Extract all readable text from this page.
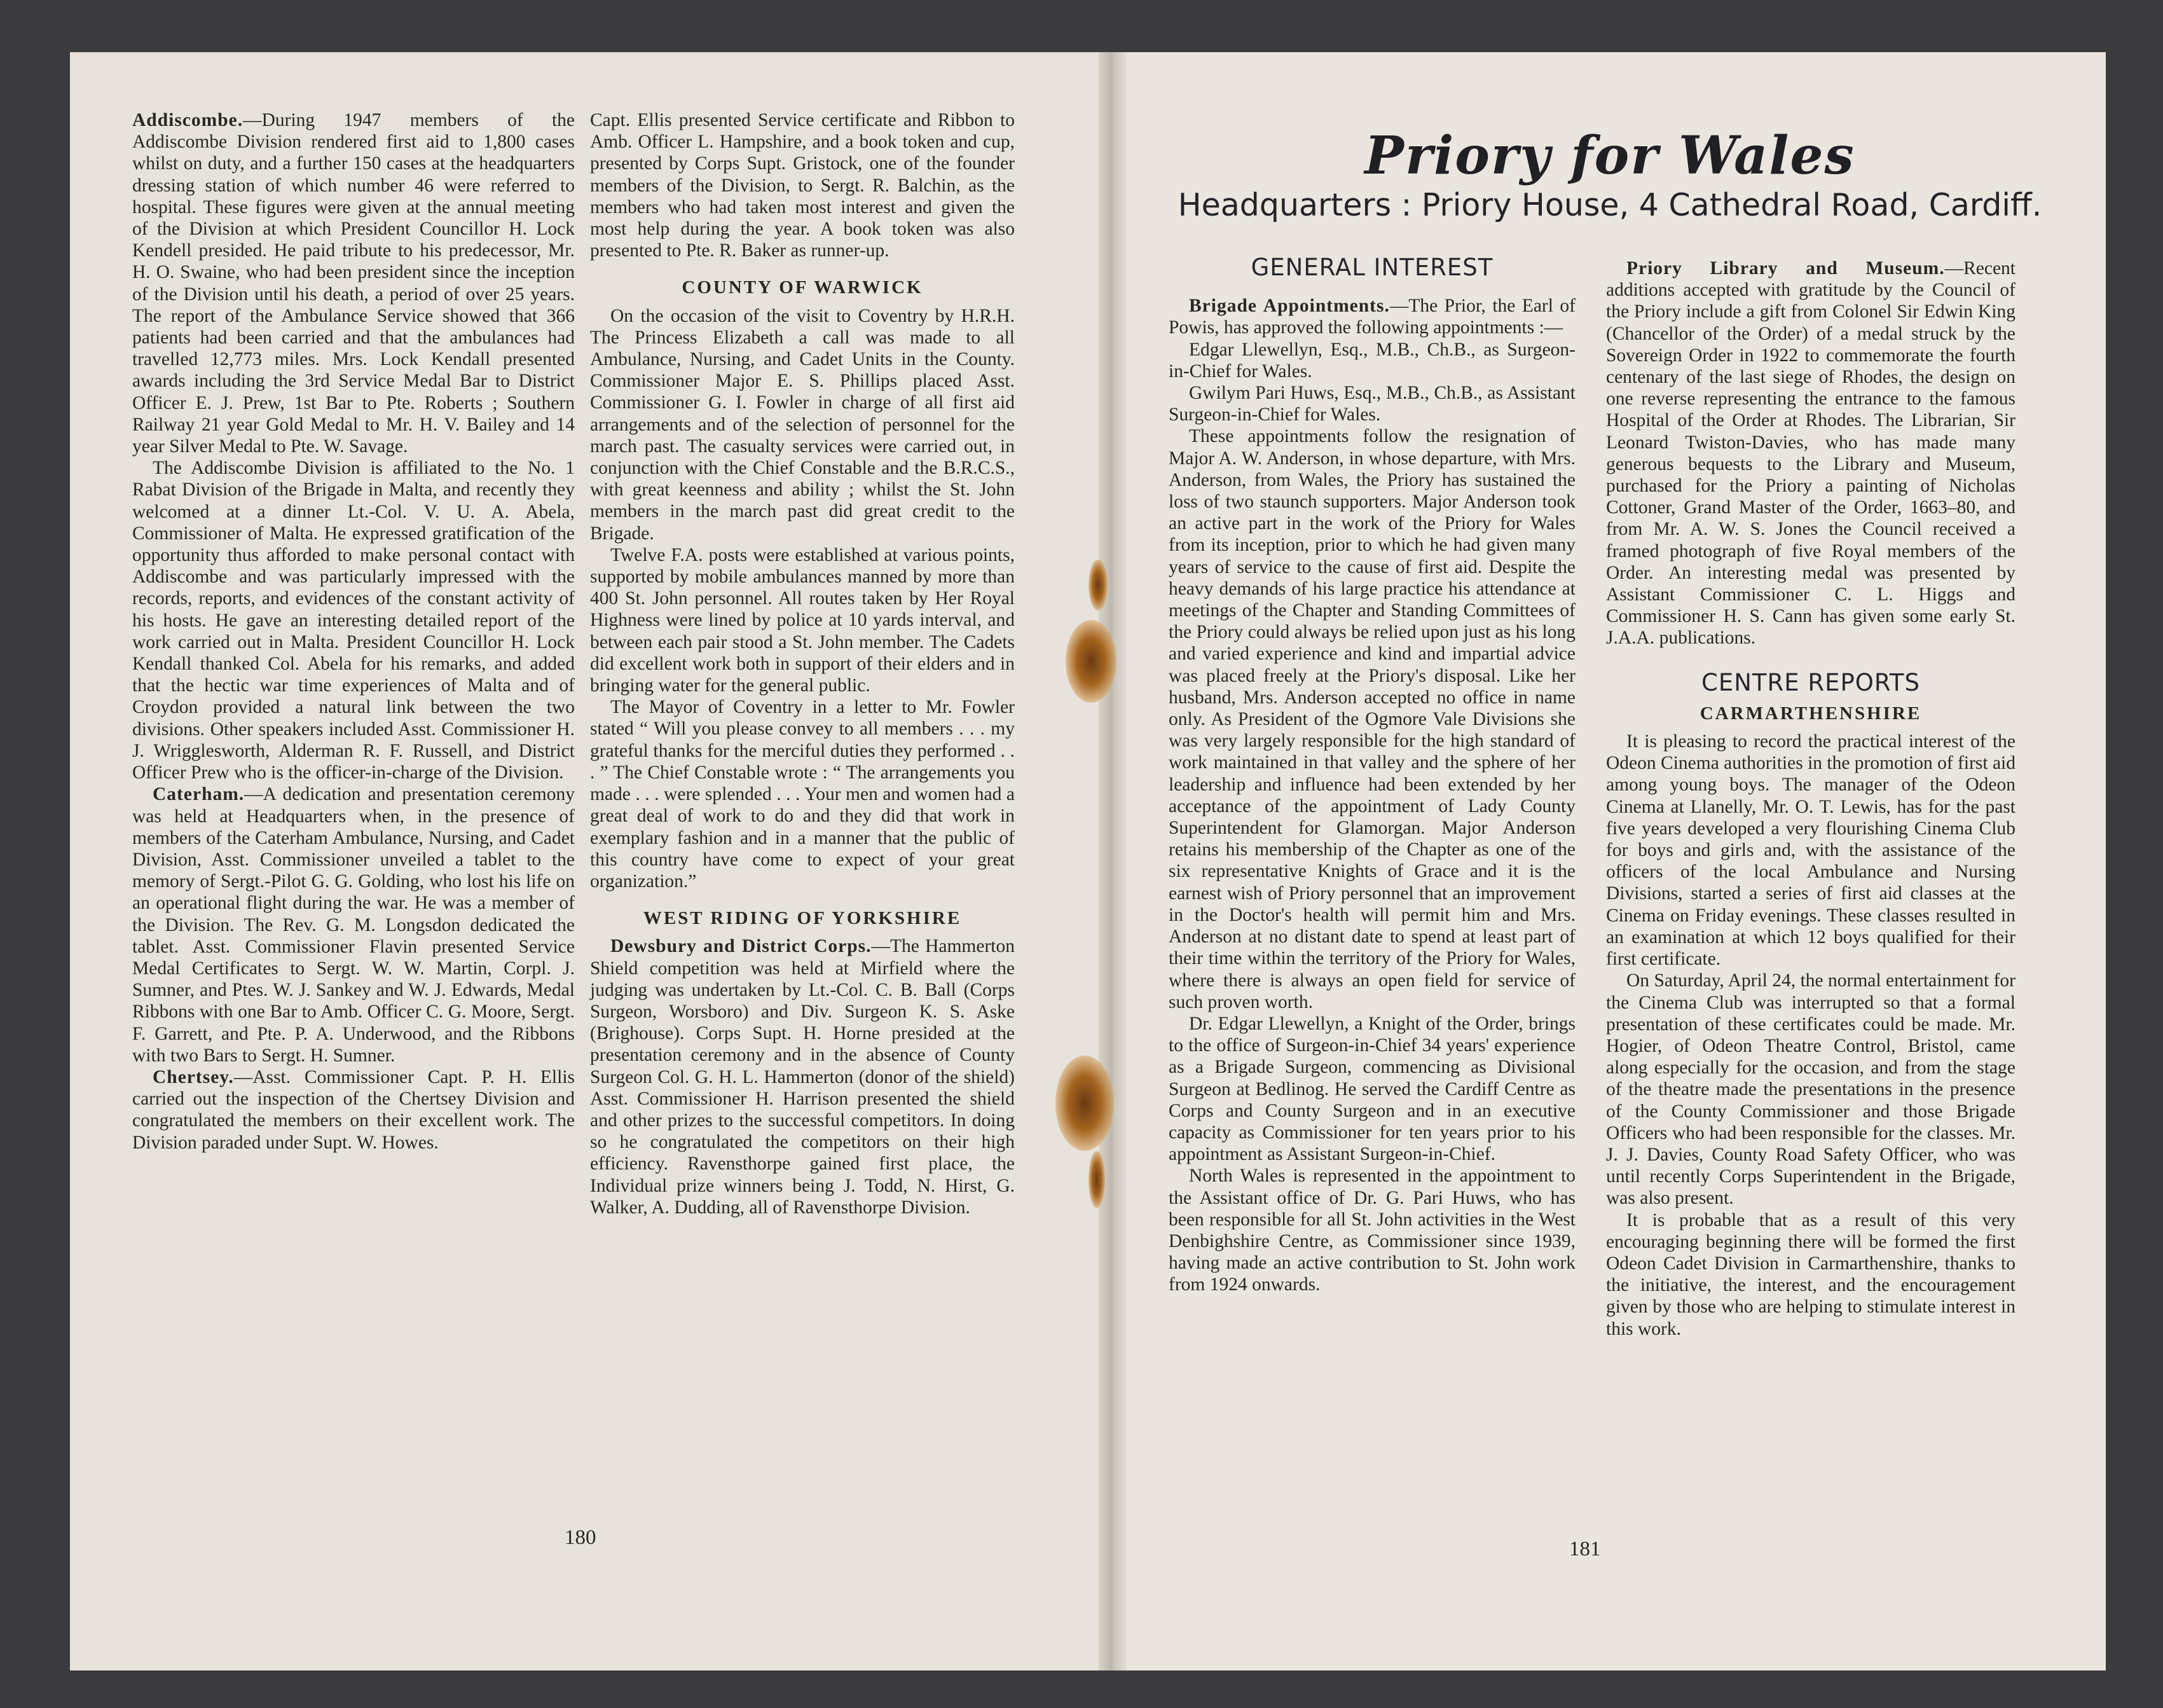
Addiscombe.—During 1947 members of the Addiscombe Division rendered first aid to 1,800 cases whilst on duty, and a further 150 cases at the headquarters dressing station of which number 46 were referred to hospital. These figures were given at the annual meeting of the Division at which President Councillor H. Lock Kendell presided. He paid tribute to his predecessor, Mr. H. O. Swaine, who had been president since the inception of the Division until his death, a period of over 25 years. The report of the Ambulance Service showed that 366 patients had been carried and that the ambulances had travelled 12,773 miles. Mrs. Lock Kendall presented awards including the 3rd Service Medal Bar to District Officer E. J. Prew, 1st Bar to Pte. Roberts ; Southern Railway 21 year Gold Medal to Mr. H. V. Bailey and 14 year Silver Medal to Pte. W. Savage.

The Addiscombe Division is affiliated to the No. 1 Rabat Division of the Brigade in Malta, and recently they welcomed at a dinner Lt.-Col. V. U. A. Abela, Commissioner of Malta. He expressed gratification of the opportunity thus afforded to make personal contact with Addiscombe and was particularly impressed with the records, reports, and evidences of the constant activity of his hosts. He gave an interesting detailed report of the work carried out in Malta. President Councillor H. Lock Kendall thanked Col. Abela for his remarks, and added that the hectic war time experiences of Malta and of Croydon provided a natural link between the two divisions. Other speakers included Asst. Commissioner H. J. Wrigglesworth, Alderman R. F. Russell, and District Officer Prew who is the officer-in-charge of the Division.

Caterham.—A dedication and presentation ceremony was held at Headquarters when, in the presence of members of the Caterham Ambulance, Nursing, and Cadet Division, Asst. Commissioner unveiled a tablet to the memory of Sergt.-Pilot G. G. Golding, who lost his life on an operational flight during the war. He was a member of the Division. The Rev. G. M. Longsdon dedicated the tablet. Asst. Commissioner Flavin presented Service Medal Certificates to Sergt. W. W. Martin, Corpl. J. Sumner, and Ptes. W. J. Sankey and W. J. Edwards, Medal Ribbons with one Bar to Amb. Officer C. G. Moore, Sergt. F. Garrett, and Pte. P. A. Underwood, and the Ribbons with two Bars to Sergt. H. Sumner.

Chertsey.—Asst. Commissioner Capt. P. H. Ellis carried out the inspection of the Chertsey Division and congratulated the members on their excellent work. The Division paraded under Supt. W. Howes.

Capt. Ellis presented Service certificate and Ribbon to Amb. Officer L. Hampshire, and a book token and cup, presented by Corps Supt. Gristock, one of the founder members of the Division, to Sergt. R. Balchin, as the members who had taken most interest and given the most help during the year. A book token was also presented to Pte. R. Baker as runner-up.

COUNTY OF WARWICK

On the occasion of the visit to Coventry by H.R.H. The Princess Elizabeth a call was made to all Ambulance, Nursing, and Cadet Units in the County. Commissioner Major E. S. Phillips placed Asst. Commissioner G. I. Fowler in charge of all first aid arrangements and of the selection of personnel for the march past. The casualty services were carried out, in conjunction with the Chief Constable and the B.R.C.S., with great keenness and ability ; whilst the St. John members in the march past did great credit to the Brigade.

Twelve F.A. posts were established at various points, supported by mobile ambulances manned by more than 400 St. John personnel. All routes taken by Her Royal Highness were lined by police at 10 yards interval, and between each pair stood a St. John member. The Cadets did excellent work both in support of their elders and in bringing water for the general public.

The Mayor of Coventry in a letter to Mr. Fowler stated “ Will you please convey to all members . . . my grateful thanks for the merciful duties they performed . . . ” The Chief Constable wrote : “ The arrangements you made . . . were splended . . . Your men and women had a great deal of work to do and they did that work in exemplary fashion and in a manner that the public of this country have come to expect of your great organization.”

WEST RIDING OF YORKSHIRE

Dewsbury and District Corps.—The Hammerton Shield competition was held at Mirfield where the judging was undertaken by Lt.-Col. C. B. Ball (Corps Surgeon, Worsboro) and Div. Surgeon K. S. Aske (Brighouse). Corps Supt. H. Horne presided at the presentation ceremony and in the absence of County Surgeon Col. G. H. L. Hammerton (donor of the shield) Asst. Commissioner H. Harrison presented the shield and other prizes to the successful competitors. In doing so he congratulated the competitors on their high efficiency. Ravensthorpe gained first place, the Individual prize winners being J. Todd, N. Hirst, G. Walker, A. Dudding, all of Ravensthorpe Division.

180
Priory for Wales
Headquarters : Priory House, 4 Cathedral Road, Cardiff.
GENERAL INTEREST

Brigade Appointments.—The Prior, the Earl of Powis, has approved the following appointments :—

Edgar Llewellyn, Esq., M.B., Ch.B., as Surgeon-in-Chief for Wales.

Gwilym Pari Huws, Esq., M.B., Ch.B., as Assistant Surgeon-in-Chief for Wales.

These appointments follow the resignation of Major A. W. Anderson, in whose departure, with Mrs. Anderson, from Wales, the Priory has sustained the loss of two staunch supporters. Major Anderson took an active part in the work of the Priory for Wales from its inception, prior to which he had given many years of service to the cause of first aid. Despite the heavy demands of his large practice his attendance at meetings of the Chapter and Standing Committees of the Priory could always be relied upon just as his long and varied experience and kind and impartial advice was placed freely at the Priory's disposal. Like her husband, Mrs. Anderson accepted no office in name only. As President of the Ogmore Vale Divisions she was very largely responsible for the high standard of work maintained in that valley and the sphere of her leadership and influence had been extended by her acceptance of the appointment of Lady County Superintendent for Glamorgan. Major Anderson retains his membership of the Chapter as one of the six representative Knights of Grace and it is the earnest wish of Priory personnel that an improvement in the Doctor's health will permit him and Mrs. Anderson at no distant date to spend at least part of their time within the territory of the Priory for Wales, where there is always an open field for service of such proven worth.

Dr. Edgar Llewellyn, a Knight of the Order, brings to the office of Surgeon-in-Chief 34 years' experience as a Brigade Surgeon, commencing as Divisional Surgeon at Bedlinog. He served the Cardiff Centre as Corps and County Surgeon and in an executive capacity as Commissioner for ten years prior to his appointment as Assistant Surgeon-in-Chief.

North Wales is represented in the appointment to the Assistant office of Dr. G. Pari Huws, who has been responsible for all St. John activities in the West Denbighshire Centre, as Commissioner since 1939, having made an active contribution to St. John work from 1924 onwards.

Priory Library and Museum.—Recent additions accepted with gratitude by the Council of the Priory include a gift from Colonel Sir Edwin King (Chancellor of the Order) of a medal struck by the Sovereign Order in 1922 to commemorate the fourth centenary of the last siege of Rhodes, the design on one reverse representing the entrance to the famous Hospital of the Order at Rhodes. The Librarian, Sir Leonard Twiston-Davies, who has made many generous bequests to the Library and Museum, purchased for the Priory a painting of Nicholas Cottoner, Grand Master of the Order, 1663–80, and from Mr. A. W. S. Jones the Council received a framed photograph of five Royal members of the Order. An interesting medal was presented by Assistant Commissioner C. L. Higgs and Commissioner H. S. Cann has given some early St. J.A.A. publications.

CENTRE REPORTS
CARMARTHENSHIRE

It is pleasing to record the practical interest of the Odeon Cinema authorities in the promotion of first aid among young boys. The manager of the Odeon Cinema at Llanelly, Mr. O. T. Lewis, has for the past five years developed a very flourishing Cinema Club for boys and girls and, with the assistance of the officers of the local Ambulance and Nursing Divisions, started a series of first aid classes at the Cinema on Friday evenings. These classes resulted in an examination at which 12 boys qualified for their first certificate.

On Saturday, April 24, the normal entertainment for the Cinema Club was interrupted so that a formal presentation of these certificates could be made. Mr. Hogier, of Odeon Theatre Control, Bristol, came along especially for the occasion, and from the stage of the theatre made the presentations in the presence of the County Commissioner and those Brigade Officers who had been responsible for the classes. Mr. J. J. Davies, County Road Safety Officer, who was until recently Corps Superintendent in the Brigade, was also present.

It is probable that as a result of this very encouraging beginning there will be formed the first Odeon Cadet Division in Carmarthenshire, thanks to the initiative, the interest, and the encouragement given by those who are helping to stimulate interest in this work.

181
